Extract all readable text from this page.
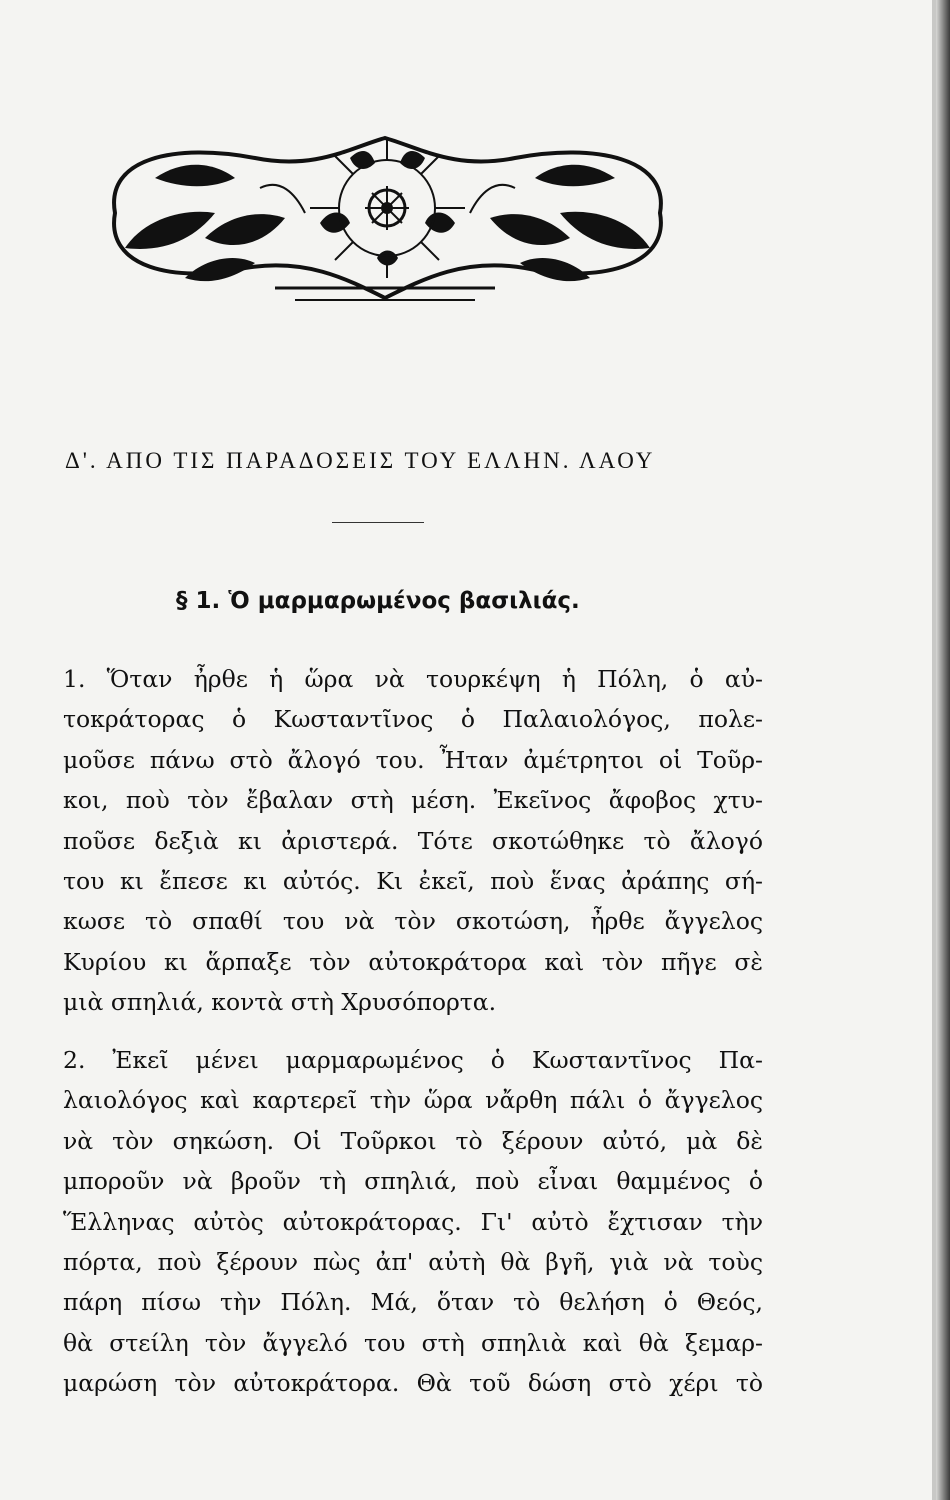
Δ'. ΑΠΟ ΤΙΣ ΠΑΡΑΔΟΣΕΙΣ ΤΟΥ ΕΛΛΗΝ. ΛΑΟΥ
§ 1. Ὁ μαρμαρωμένος βασιλιάς.
1. Ὅταν ἦρθε ἡ ὥρα νὰ τουρκέψη ἡ Πόλη, ὁ αὐ-
τοκράτορας ὁ Κωσταντῖνος ὁ Παλαιολόγος, πολε-
μοῦσε πάνω στὸ ἄλογό του. Ἦταν ἀμέτρητοι οἱ Τοῦρ-
κοι, ποὺ τὸν ἔβαλαν στὴ μέση. Ἐκεῖνος ἄφοβος χτυ-
ποῦσε δεξιὰ κι ἀριστερά. Τότε σκοτώθηκε τὸ ἄλογό
του κι ἔπεσε κι αὐτός. Κι ἐκεῖ, ποὺ ἕνας ἀράπης σή-
κωσε τὸ σπαθί του νὰ τὸν σκοτώση, ἦρθε ἄγγελος
Κυρίου κι ἅρπαξε τὸν αὐτοκράτορα καὶ τὸν πῆγε σὲ
μιὰ σπηλιά, κοντὰ στὴ Χρυσόπορτα.
2. Ἐκεῖ μένει μαρμαρωμένος ὁ Κωσταντῖνος Πα-
λαιολόγος καὶ καρτερεῖ τὴν ὥρα νἄρθη πάλι ὁ ἄγγελος
νὰ τὸν σηκώση. Οἱ Τοῦρκοι τὸ ξέρουν αὐτό, μὰ δὲ
μποροῦν νὰ βροῦν τὴ σπηλιά, ποὺ εἶναι θαμμένος ὁ
Ἕλληνας αὐτὸς αὐτοκράτορας. Γι' αὐτὸ ἔχτισαν τὴν
πόρτα, ποὺ ξέρουν πὼς ἀπ' αὐτὴ θὰ βγῆ, γιὰ νὰ τοὺς
πάρη πίσω τὴν Πόλη. Μά, ὅταν τὸ θελήση ὁ Θεός,
θὰ στείλη τὸν ἄγγελό του στὴ σπηλιὰ καὶ θὰ ξεμαρ-
μαρώση τὸν αὐτοκράτορα. Θὰ τοῦ δώση στὸ χέρι τὸ
